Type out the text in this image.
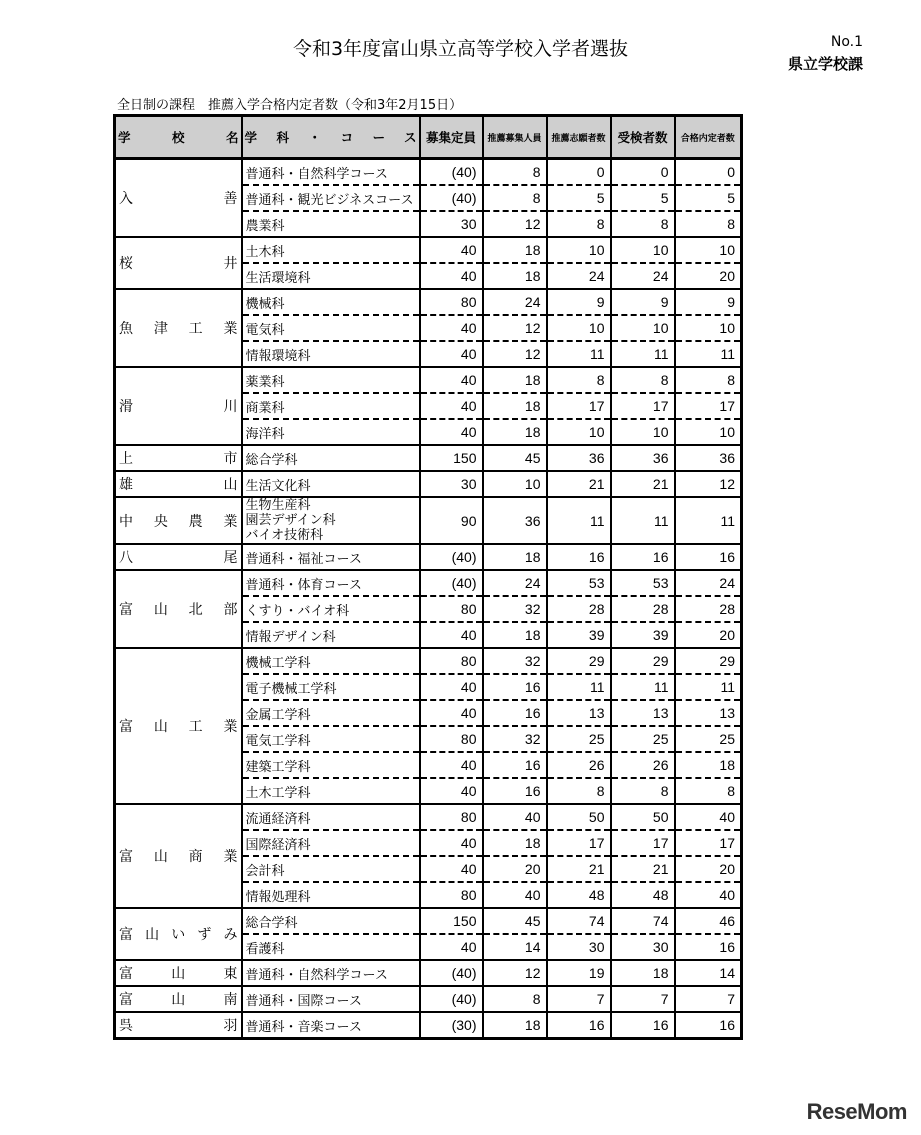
令和3年度富山県立高等学校入学者選抜	No.1
県立学校課
全日制の課程　推薦入学合格内定者数（令和3年2月15日）
学校名	学科・コース	募集定員	推薦募集人員	推薦志願者数	受検者数	合格内定者数

入善	普通科・自然科学コース	(40)	8	0	0	0
	普通科・観光ビジネスコース	(40)	8	5	5	5
	農業科	30	12	8	8	8

桜井	土木科	40	18	10	10	10
	生活環境科	40	18	24	24	20

魚津工業	機械科	80	24	9	9	9
	電気科	40	12	10	10	10
	情報環境科	40	12	11	11	11

滑川	薬業科	40	18	8	8	8
	商業科	40	18	17	17	17
	海洋科	40	18	10	10	10

上市	総合学科	150	45	36	36	36

雄山	生活文化科	30	10	21	21	12

中央農業	生物生産科
園芸デザイン科
バイオ技術科	90	36	11	11	11

八尾	普通科・福祉コース	(40)	18	16	16	16

富山北部	普通科・体育コース	(40)	24	53	53	24
	くすり・バイオ科	80	32	28	28	28
	情報デザイン科	40	18	39	39	20

富山工業	機械工学科	80	32	29	29	29
	電子機械工学科	40	16	11	11	11
	金属工学科	40	16	13	13	13
	電気工学科	80	32	25	25	25
	建築工学科	40	16	26	26	18
	土木工学科	40	16	8	8	8

富山商業	流通経済科	80	40	50	50	40
	国際経済科	40	18	17	17	17
	会計科	40	20	21	21	20
	情報処理科	80	40	48	48	40

富山いずみ	総合学科	150	45	74	74	46
	看護科	40	14	30	30	16

富山東	普通科・自然科学コース	(40)	12	19	18	14

富山南	普通科・国際コース	(40)	8	7	7	7

呉羽	普通科・音楽コース	(30)	18	16	16	16
ReseMom
